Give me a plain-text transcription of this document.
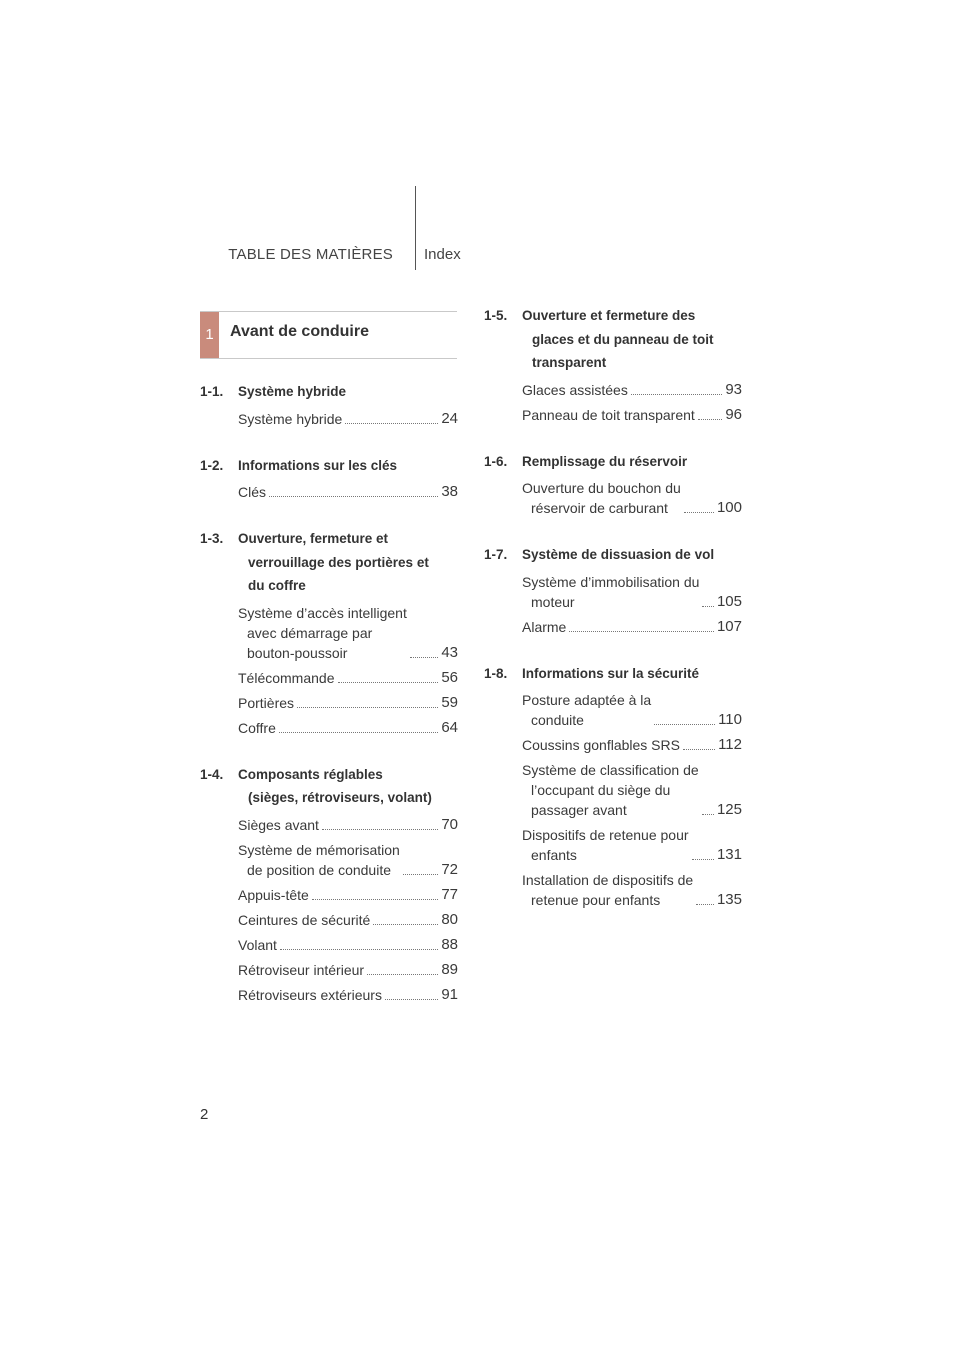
TABLE DES MATIÈRES Index
1	Avant de conduire
1-1.	Système hybride
Système hybride	24
1-2.	Informations sur les clés
Clés	38
1-3.	Ouverture, fermeture et
verrouillage des portières et
du coffre
Système d’accès intelligent
avec démarrage par
bouton-poussoir	43
Télécommande	56
Portières	59
Coffre	64
1-4.	Composants réglables
(sièges, rétroviseurs, volant)
Sièges avant	70
Système de mémorisation
de position de conduite	72
Appuis-tête	77
Ceintures de sécurité	80
Volant	88
Rétroviseur intérieur	89
Rétroviseurs extérieurs	91
1-5.	Ouverture et fermeture des
glaces et du panneau de toit
transparent
Glaces assistées	93
Panneau de toit transparent 96
1-6.	Remplissage du réservoir
Ouverture du bouchon du
réservoir de carburant	100
1-7.	Système de dissuasion de vol
Système d’immobilisation du
moteur	105
Alarme	107
1-8.	Informations sur la sécurité
Posture adaptée à la
conduite	110
Coussins gonflables SRS	112
Système de classification de
l’occupant du siège du
passager avant	125
Dispositifs de retenue pour
enfants	131
Installation de dispositifs de
retenue pour enfants	135
2
